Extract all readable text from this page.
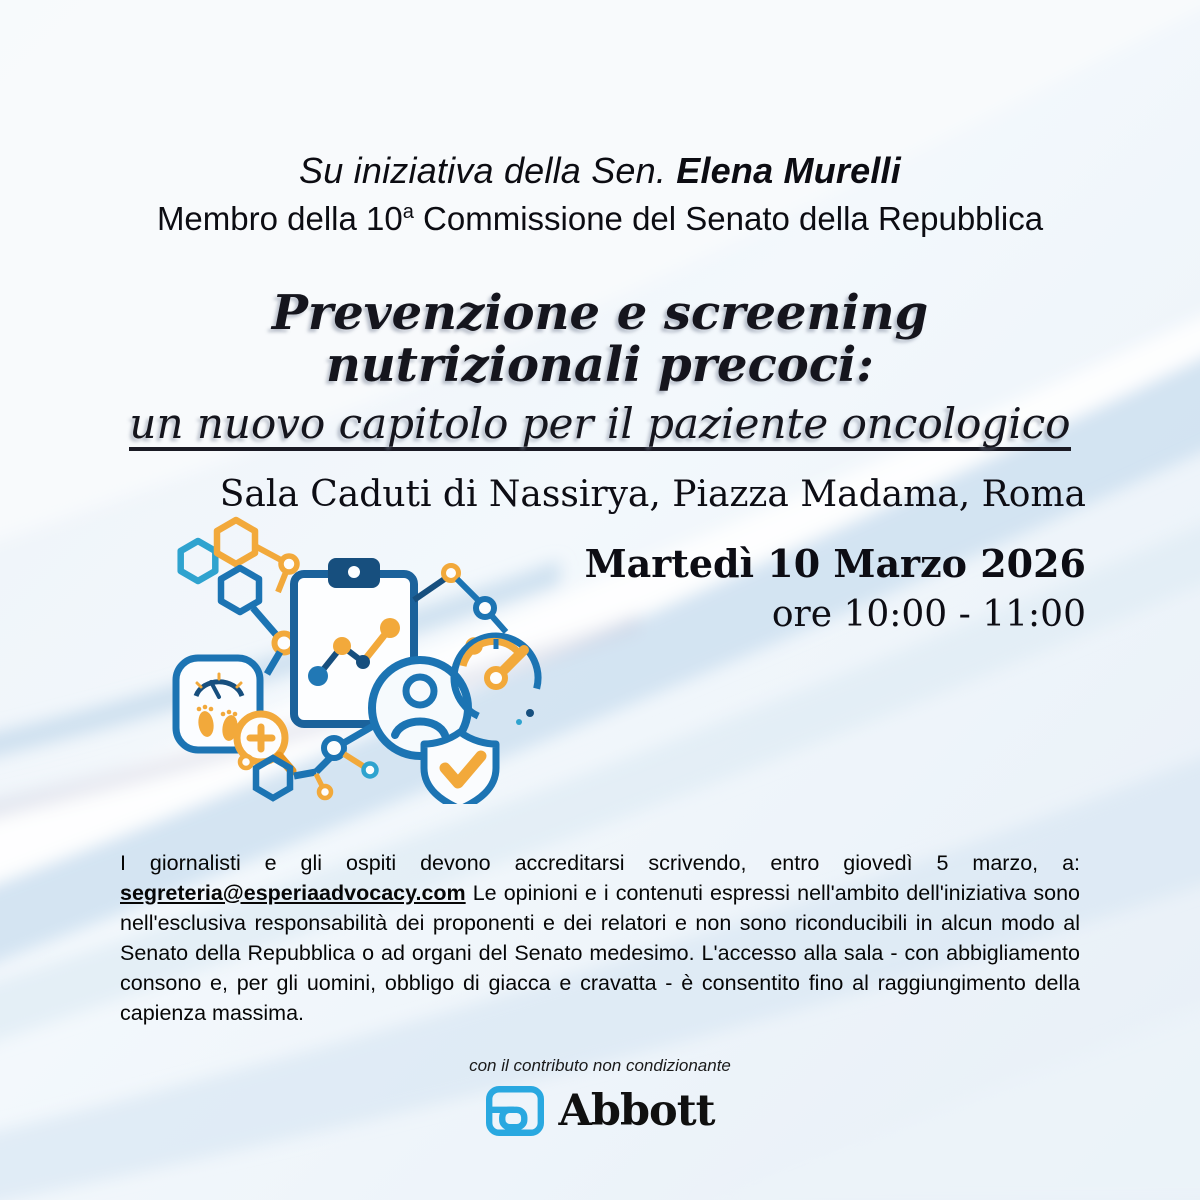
Su iniziativa della Sen. Elena Murelli
Membro della 10$^a$ Commissione del Senato della Repubblica
Prevenzione e screening
nutrizionali precoci:
un nuovo capitolo per il paziente oncologico
Sala Caduti di Nassirya, Piazza Madama, Roma
Martedì 10 Marzo 2026
ore 10:00 - 11:00

I giornalisti e gli ospiti devono accreditarsi scrivendo, entro giovedì 5 marzo, a: segreteria@esperiaadvocacy.com Le opinioni e i contenuti espressi nell'ambito dell'iniziativa sono nell'esclusiva responsabilità dei proponenti e dei relatori e non sono riconducibili in alcun modo al Senato della Repubblica o ad organi del Senato medesimo. L'accesso alla sala - con abbigliamento consono e, per gli uomini, obbligo di giacca e cravatta - è consentito fino al raggiungimento della capienza massima.

con il contributo non condizionante
Abbott
